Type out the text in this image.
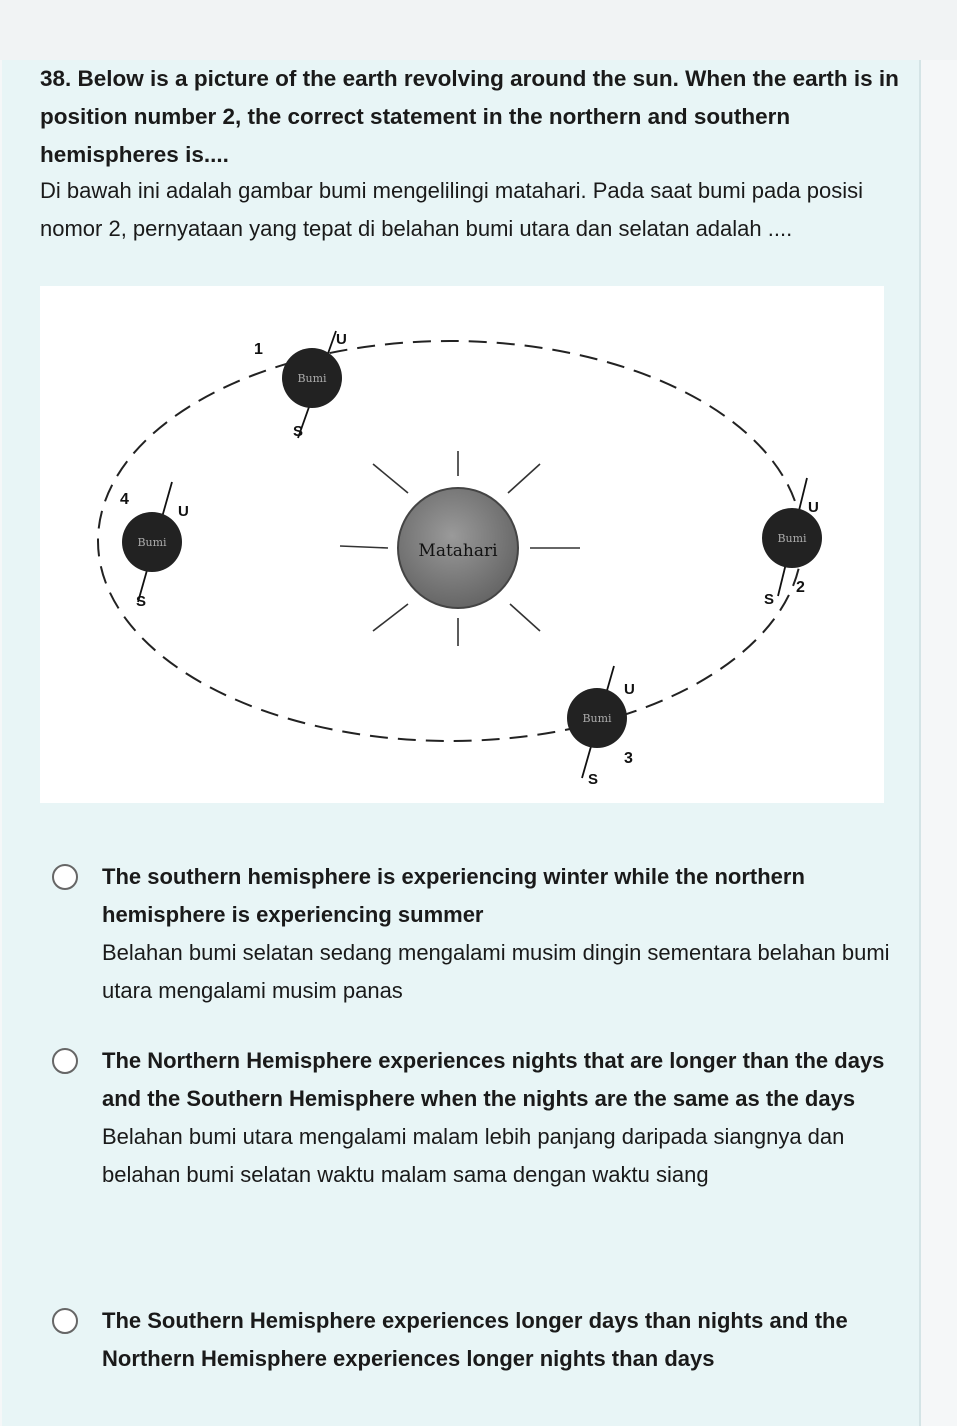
38. Below is a picture of the earth revolving around the sun. When the earth is in position number 2, the correct statement in the northern and southern hemispheres is....
Di bawah ini adalah gambar bumi mengelilingi matahari. Pada saat bumi pada posisi nomor 2, pernyataan yang tepat di belahan bumi utara dan selatan adalah ....
Matahari
Bumi
U
S
1
Bumi
U
S
2
Bumi
U
S
3
Bumi
U
S
4
The southern hemisphere is experiencing winter while the northern hemisphere is experiencing summer
Belahan bumi selatan sedang mengalami musim dingin sementara belahan bumi utara mengalami musim panas
The Northern Hemisphere experiences nights that are longer than the days and the Southern Hemisphere when the nights are the same as the days
Belahan bumi utara mengalami malam lebih panjang daripada siangnya dan belahan bumi selatan waktu malam sama dengan waktu siang
The Southern Hemisphere experiences longer days than nights and the Northern Hemisphere experiences longer nights than days
